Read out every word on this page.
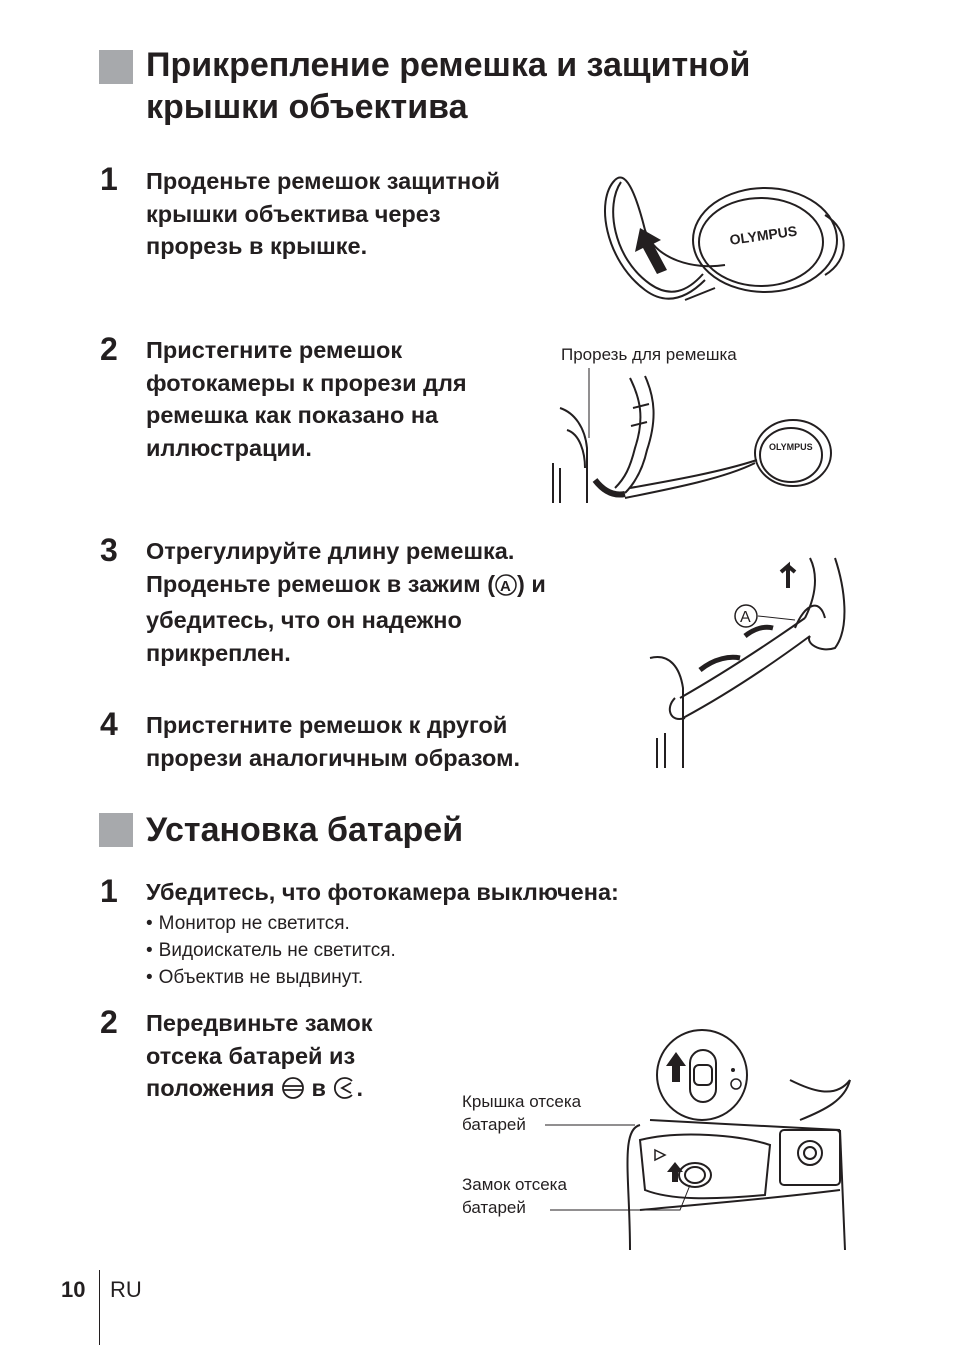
Прикрепление ремешка и защитной
крышки объектива
1 Проденьте ремешок защитной
крышки объектива через
прорезь в крышке.	OLYMPUS
2 Пристегните ремешок
фотокамеры к прорези для
ремешка как показано на
иллюстрации.

Прорезь для ремешка
OLYMPUS
3 Отрегулируйте длину ремешка.
Проденьте ремешок в зажим ( A ) и
убедитесь, что он надежно
прикреплен.

A
4 Пристегните ремешок к другой
прорези аналогичным образом.

Установка батарей
1 Убедитесь, что фотокамера выключена:

• Монитор не светится.
• Видоискатель не светится.
• Объектив не выдвинут.
2 Передвиньте замок
отсека батарей из
положения в .

Крышка отсека
батарей
Замок отсека
батарей
10 RU
